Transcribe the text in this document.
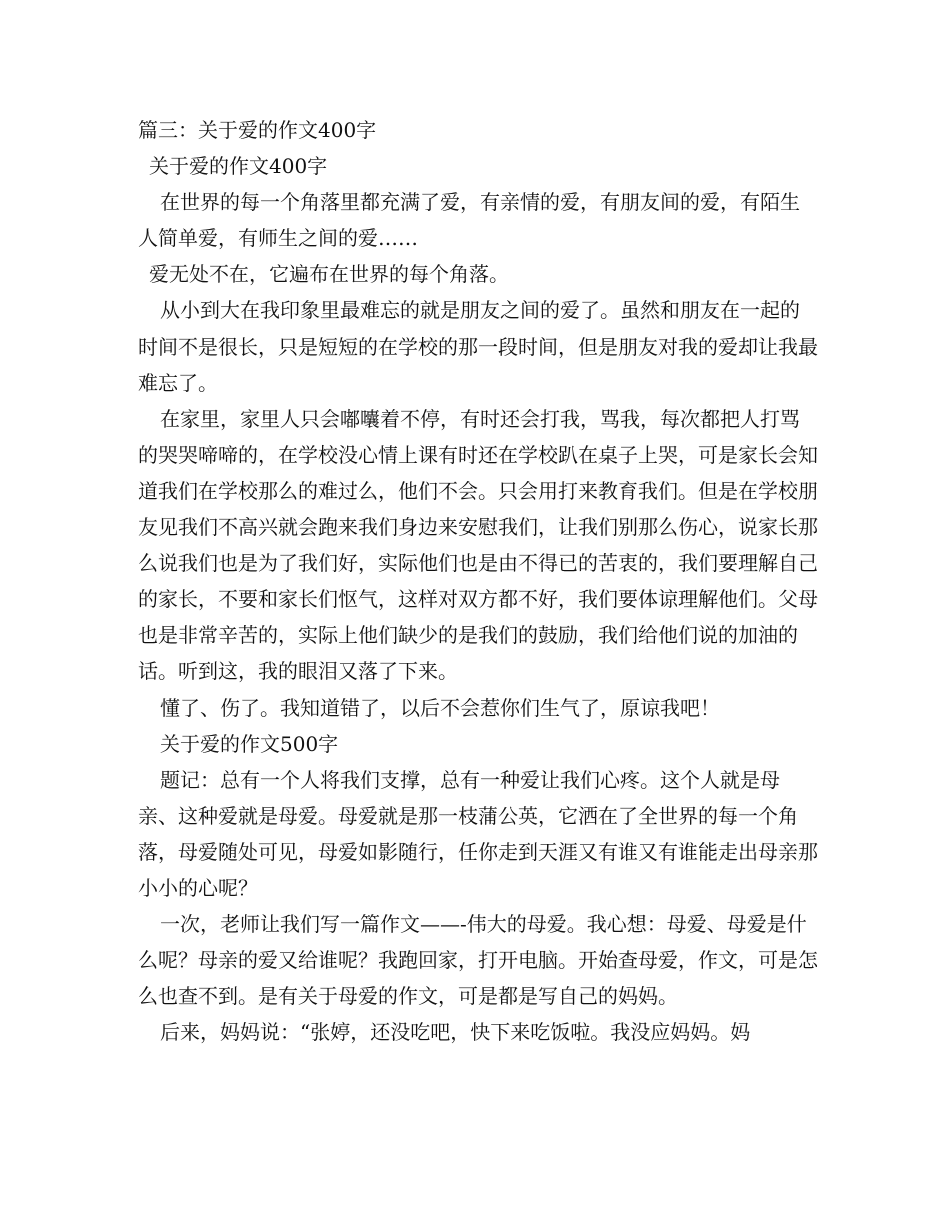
篇三：关于爱的作文400字

关于爱的作文400字

在世界的每一个角落里都充满了爱，有亲情的爱，有朋友间的爱，有陌生人简单爱，有师生之间的爱……

爱无处不在，它遍布在世界的每个角落。

从小到大在我印象里最难忘的就是朋友之间的爱了。虽然和朋友在一起的时间不是很长，只是短短的在学校的那一段时间，但是朋友对我的爱却让我最难忘了。

在家里，家里人只会嘟囔着不停，有时还会打我，骂我，每次都把人打骂的哭哭啼啼的，在学校没心情上课有时还在学校趴在桌子上哭，可是家长会知道我们在学校那么的难过么，他们不会。只会用打来教育我们。但是在学校朋友见我们不高兴就会跑来我们身边来安慰我们，让我们别那么伤心，说家长那么说我们也是为了我们好，实际他们也是由不得已的苦衷的，我们要理解自己的家长，不要和家长们怄气，这样对双方都不好，我们要体谅理解他们。父母也是非常辛苦的，实际上他们缺少的是我们的鼓励，我们给他们说的加油的话。听到这，我的眼泪又落了下来。

懂了、伤了。我知道错了，以后不会惹你们生气了，原谅我吧！

关于爱的作文500字

题记：总有一个人将我们支撑，总有一种爱让我们心疼。这个人就是母亲、这种爱就是母爱。母爱就是那一枝蒲公英，它洒在了全世界的每一个角落，母爱随处可见，母爱如影随行，任你走到天涯又有谁又有谁能走出母亲那小小的心呢？

一次，老师让我们写一篇作文——-伟大的母爱。我心想：母爱、母爱是什么呢？母亲的爱又给谁呢？我跑回家，打开电脑。开始查母爱，作文，可是怎么也查不到。是有关于母爱的作文，可是都是写自己的妈妈。

后来，妈妈说：“张婷，还没吃吧，快下来吃饭啦。我没应妈妈。妈
